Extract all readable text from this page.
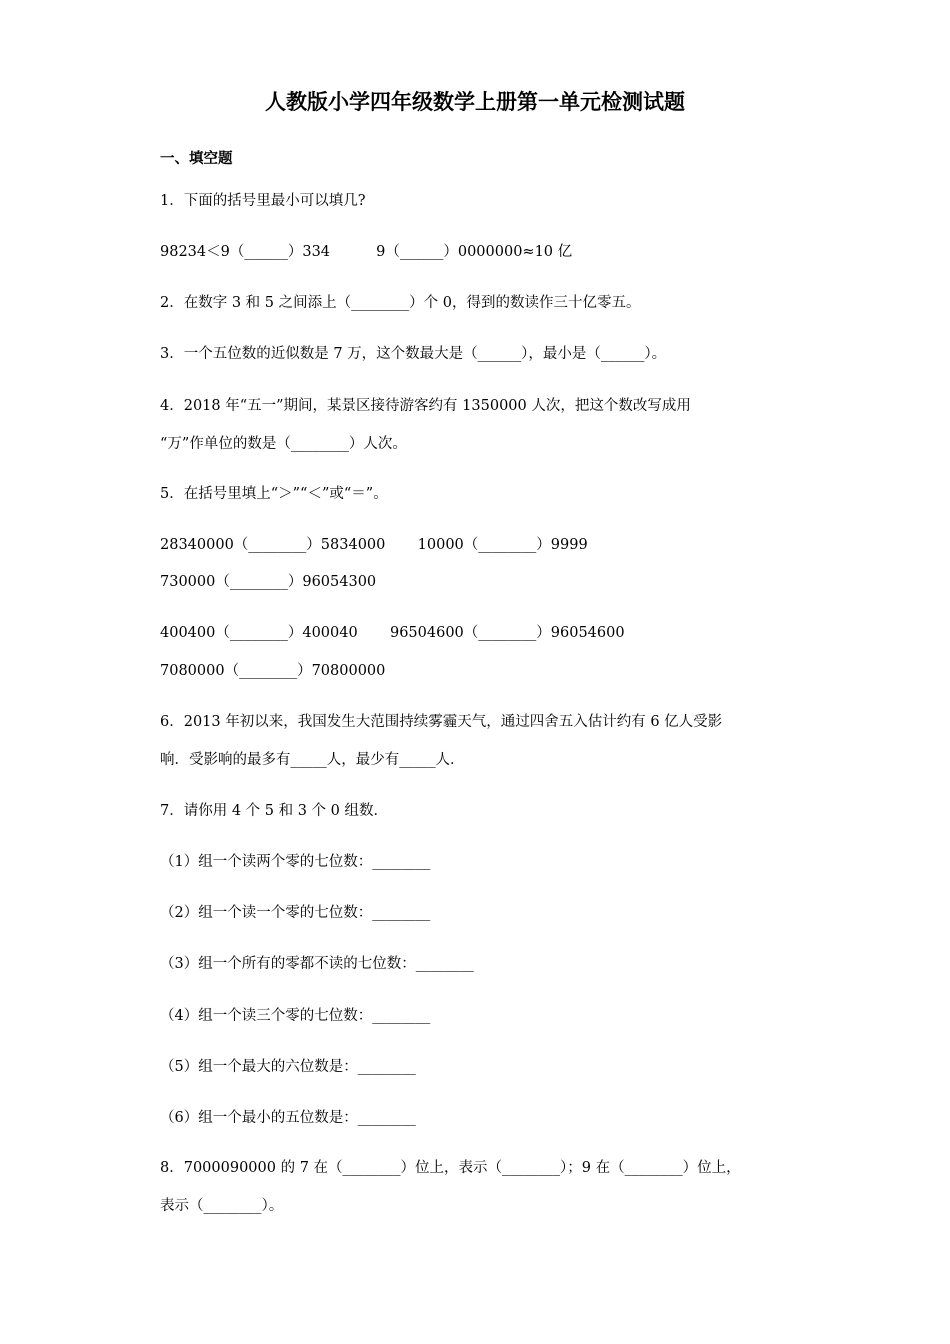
人教版小学四年级数学上册第一单元检测试题
一、填空题
1．下面的括号里最小可以填几?
98234＜9（______）334          9（______）0000000≈10 亿
2．在数字 3 和 5 之间添上（________）个 0，得到的数读作三十亿零五。
3．一个五位数的近似数是 7 万，这个数最大是（______），最小是（______）。
4．2018 年“五一”期间，某景区接待游客约有 1350000 人次，把这个数改写成用
“万”作单位的数是（________）人次。
5．在括号里填上“＞”“＜”或“＝”。
28340000（________）5834000       10000（________）9999
730000（________）96054300
400400（________）400040       96504600（________）96054600
7080000（________）70800000
6．2013 年初以来，我国发生大范围持续雾霾天气，通过四舍五入估计约有 6 亿人受影
响．受影响的最多有_____人，最少有_____人．
7．请你用 4 个 5 和 3 个 0 组数．
（1）组一个读两个零的七位数：________
（2）组一个读一个零的七位数：________
（3）组一个所有的零都不读的七位数：________
（4）组一个读三个零的七位数：________
（5）组一个最大的六位数是：________
（6）组一个最小的五位数是：________
8．7000090000 的 7 在（________）位上，表示（________）；9 在（________）位上，
表示（________）。
